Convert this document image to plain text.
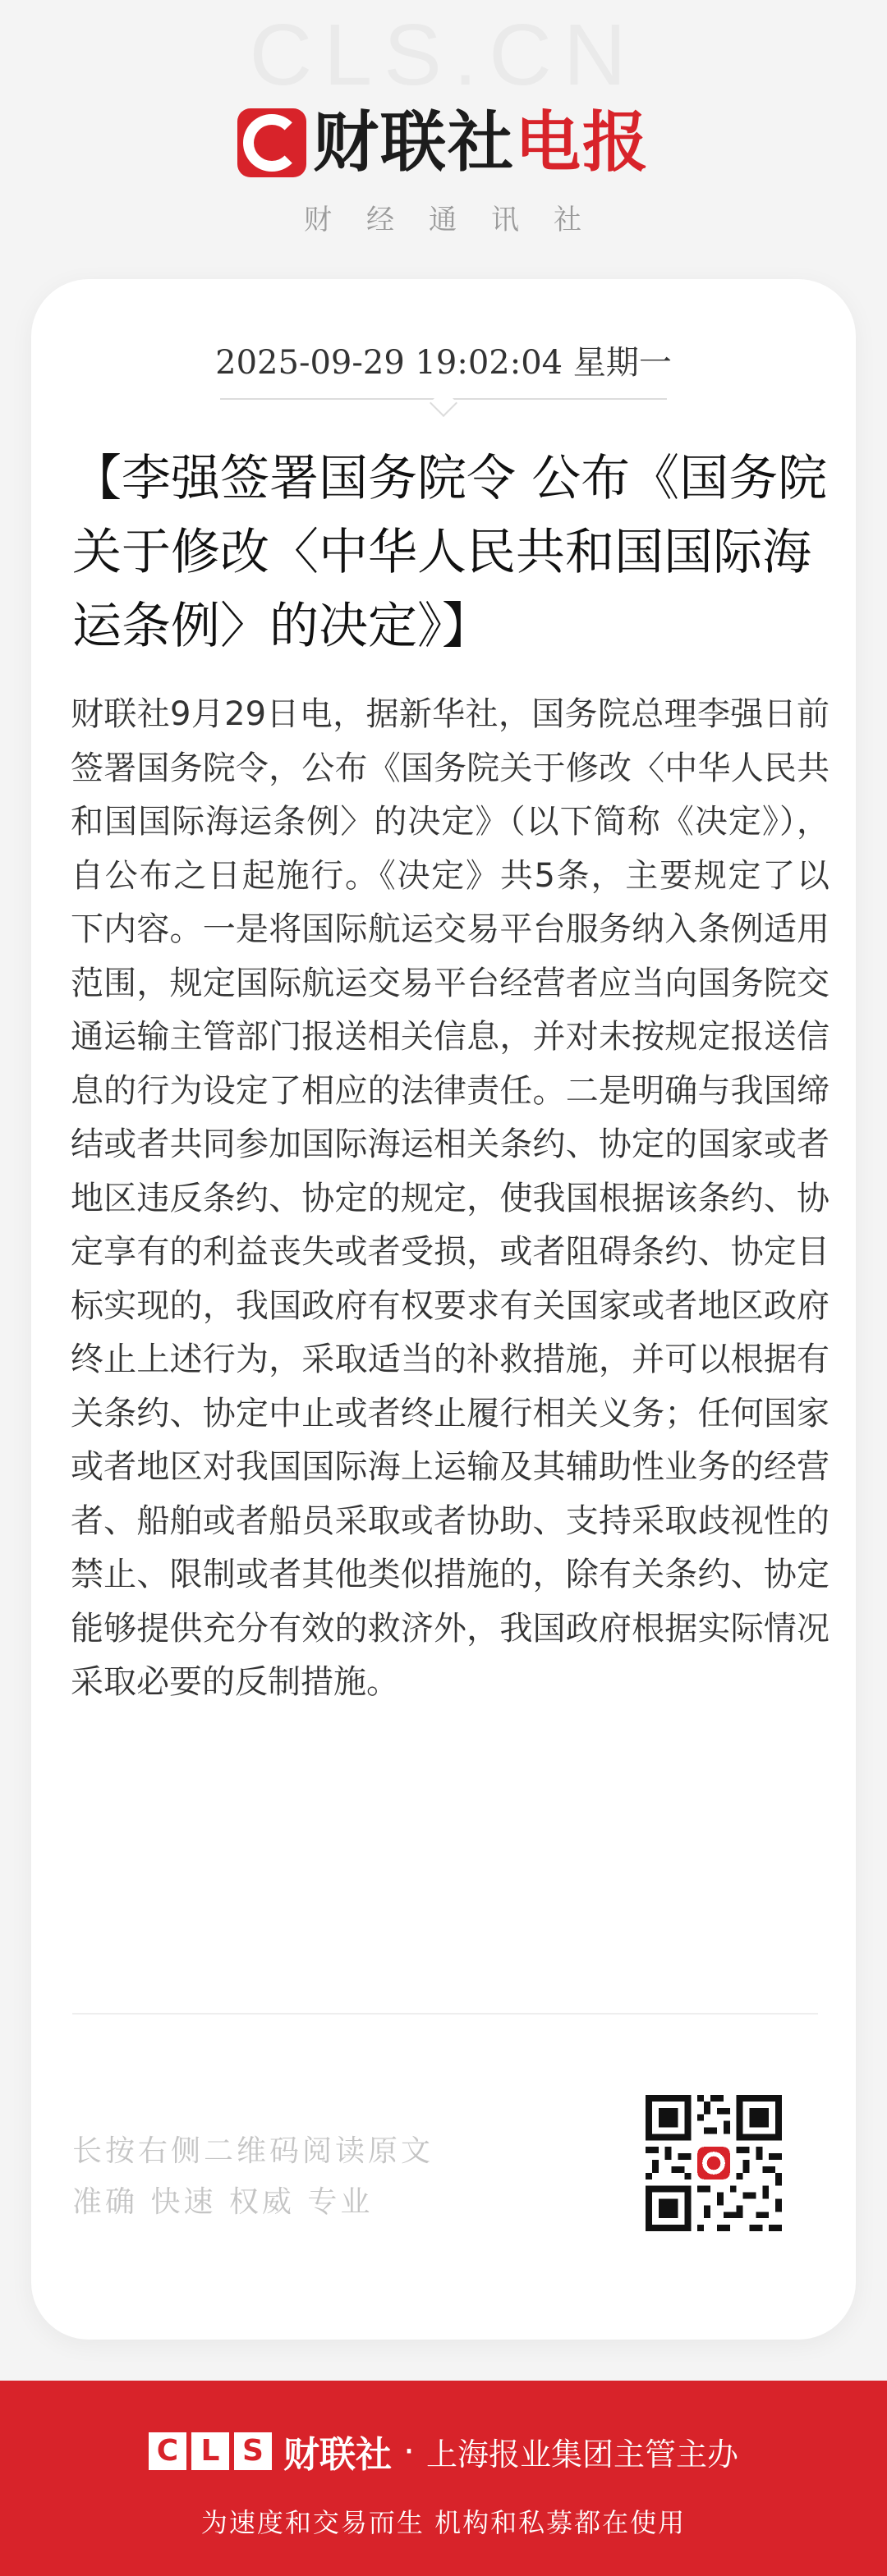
CLS.CN
财联社电报
财经通讯社
2025-09-29 19:02:04 星期一
【李强签署国务院令 公布《国务院关于修改〈中华人民共和国国际海运条例〉的决定》】

财联社9月29日电，据新华社，国务院总理李强日前签署国务院令，公布《国务院关于修改〈中华人民共和国国际海运条例〉的决定》（以下简称《决定》），自公布之日起施行。《决定》共5条，主要规定了以下内容。一是将国际航运交易平台服务纳入条例适用范围，规定国际航运交易平台经营者应当向国务院交通运输主管部门报送相关信息，并对未按规定报送信息的行为设定了相应的法律责任。二是明确与我国缔结或者共同参加国际海运相关条约、协定的国家或者地区违反条约、协定的规定，使我国根据该条约、协定享有的利益丧失或者受损，或者阻碍条约、协定目标实现的，我国政府有权要求有关国家或者地区政府终止上述行为，采取适当的补救措施，并可以根据有关条约、协定中止或者终止履行相关义务；任何国家或者地区对我国国际海上运输及其辅助性业务的经营者、船舶或者船员采取或者协助、支持采取歧视性的禁止、限制或者其他类似措施的，除有关条约、协定能够提供充分有效的救济外，我国政府根据实际情况采取必要的反制措施。

长按右侧二维码阅读原文
准确 快速 权威 专业
C L S 财联社 · 上海报业集团主管主办
为速度和交易而生 机构和私募都在使用
